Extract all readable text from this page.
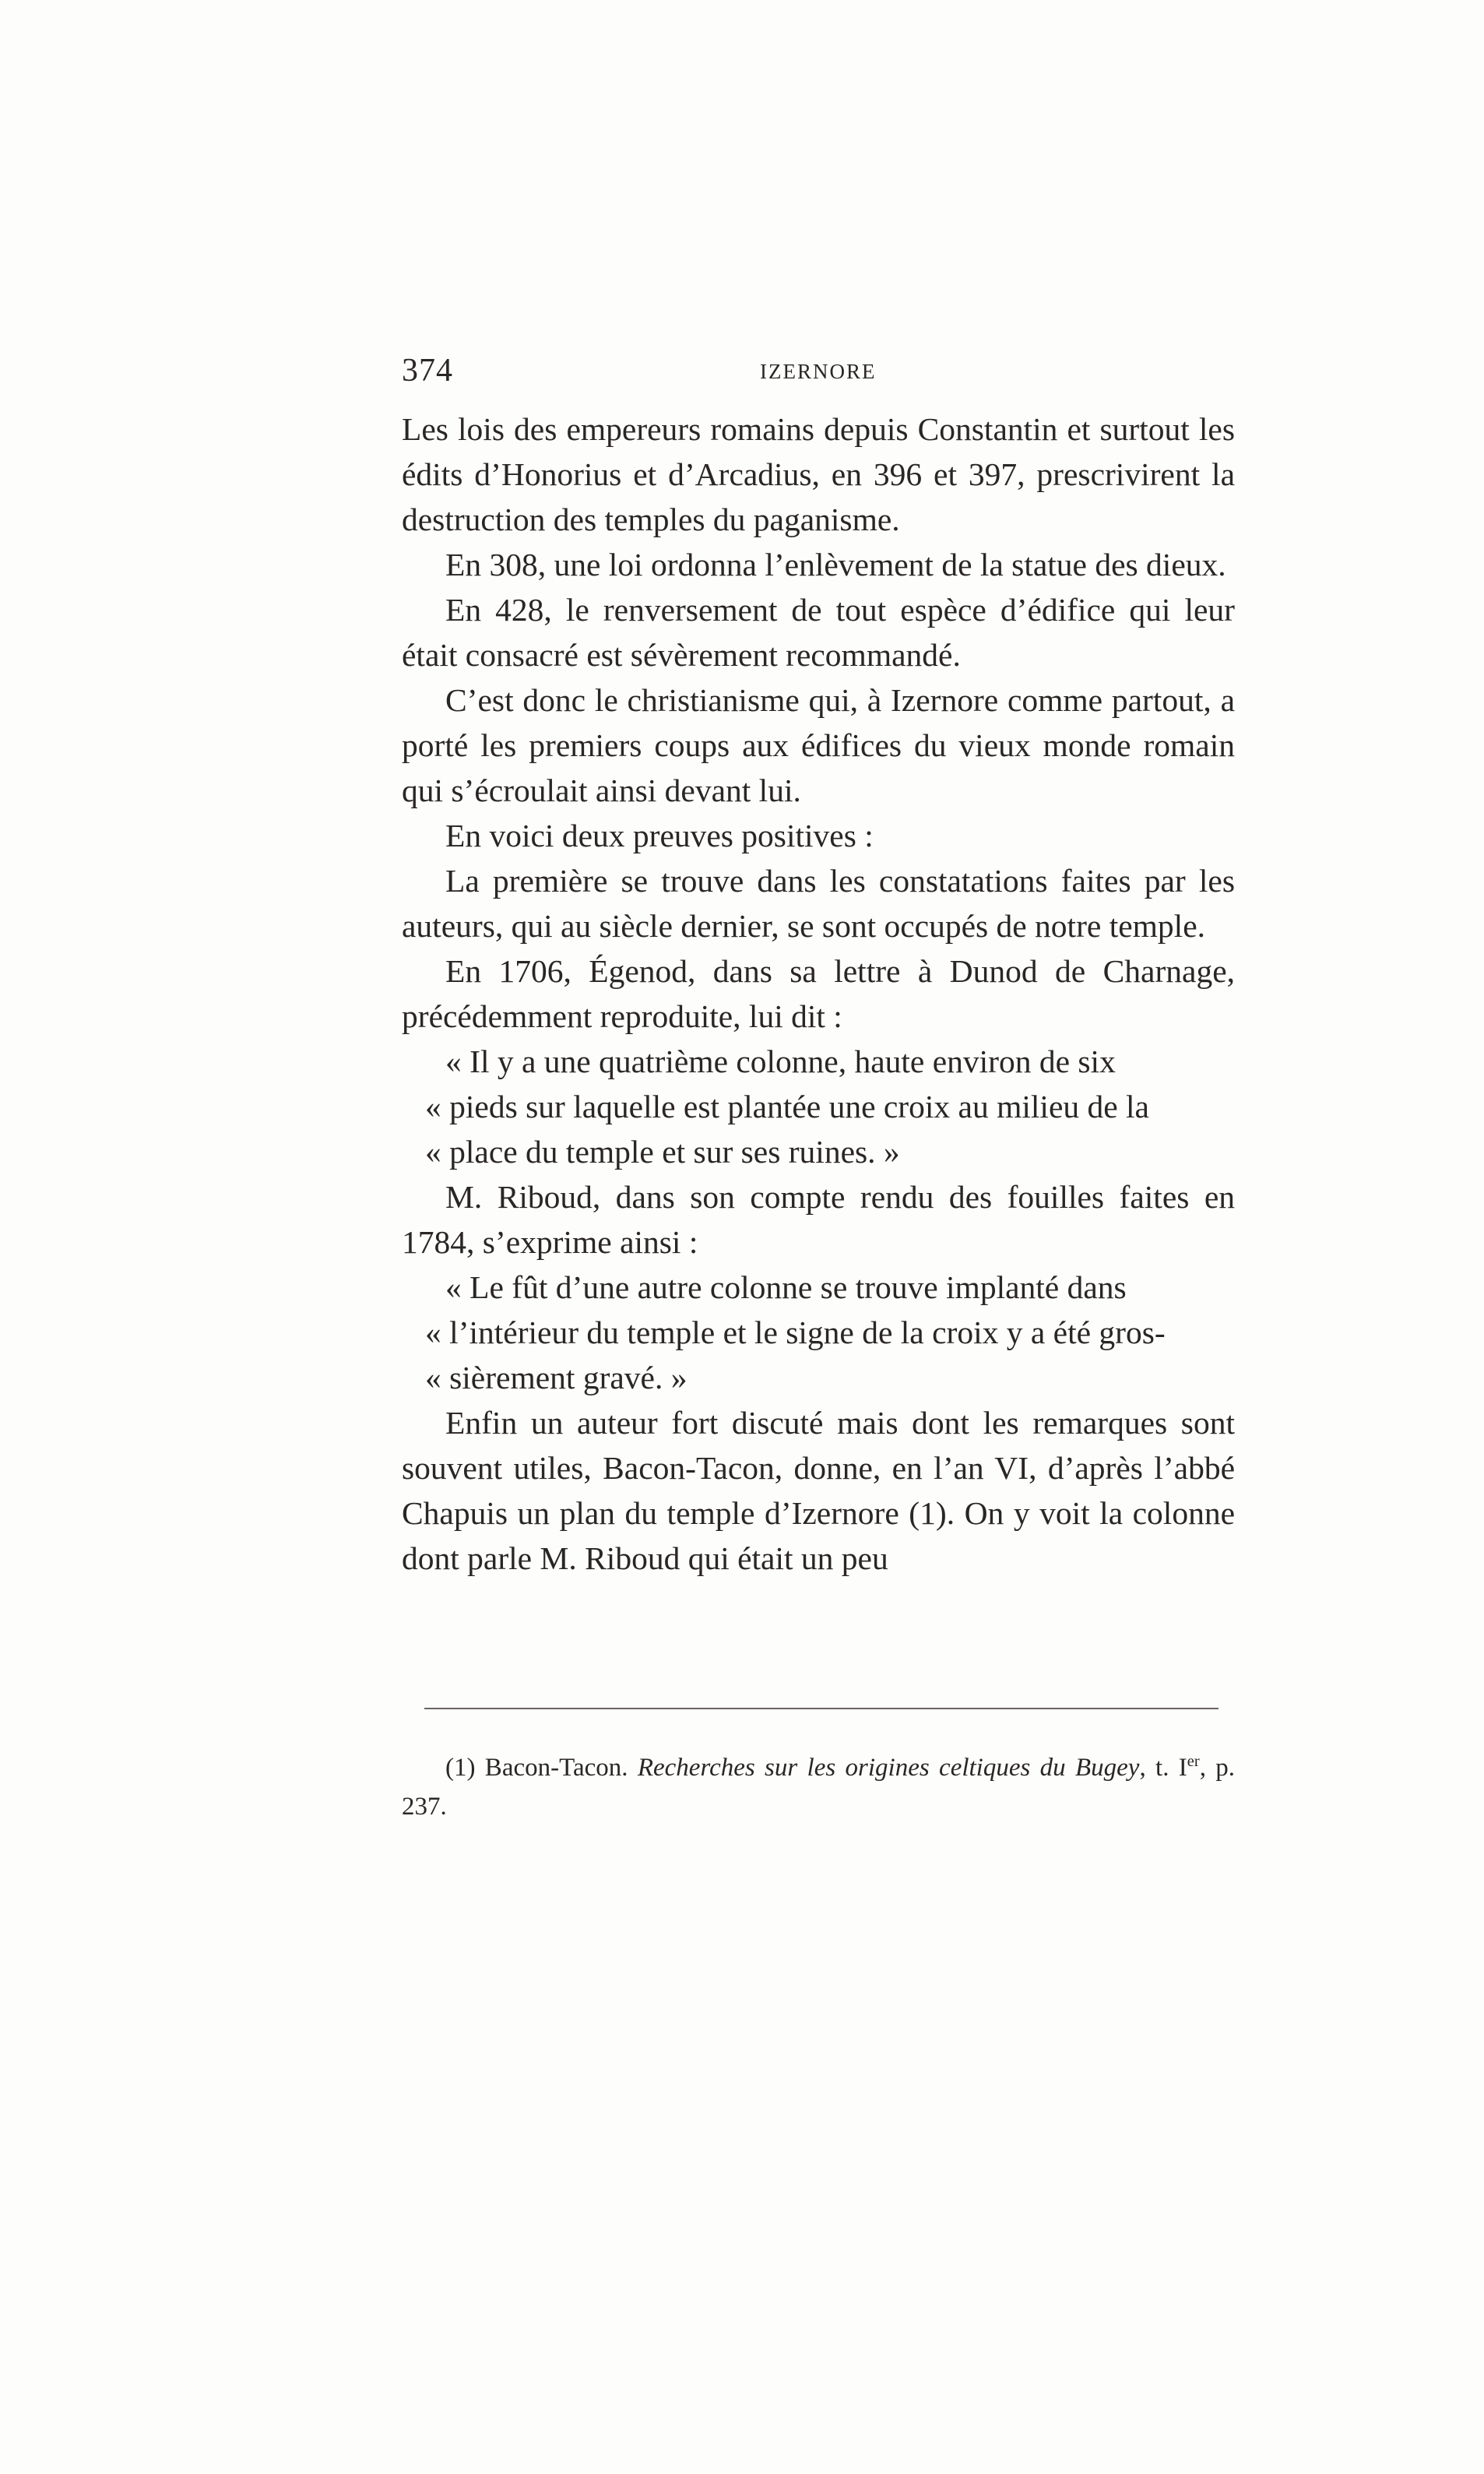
374	IZERNORE

Les lois des empereurs romains depuis Constantin et surtout les édits d’Honorius et d’Arcadius, en 396 et 397, prescrivirent la destruction des temples du paganisme.

En 308, une loi ordonna l’enlèvement de la statue des dieux.

En 428, le renversement de tout espèce d’édifice qui leur était consacré est sévèrement recommandé.

C’est donc le christianisme qui, à Izernore comme partout, a porté les premiers coups aux édifices du vieux monde romain qui s’écroulait ainsi devant lui.

En voici deux preuves positives :

La première se trouve dans les constatations faites par les auteurs, qui au siècle dernier, se sont occupés de notre temple.

En 1706, Égenod, dans sa lettre à Dunod de Charnage, précédemment reproduite, lui dit :

« Il y a une quatrième colonne, haute environ de six

« pieds sur laquelle est plantée une croix au milieu de la

« place du temple et sur ses ruines. »

M. Riboud, dans son compte rendu des fouilles faites en 1784, s’exprime ainsi :

« Le fût d’une autre colonne se trouve implanté dans

« l’intérieur du temple et le signe de la croix y a été gros-

« sièrement gravé. »

Enfin un auteur fort discuté mais dont les remarques sont souvent utiles, Bacon-Tacon, donne, en l’an VI, d’après l’abbé Chapuis un plan du temple d’Izernore (1). On y voit la colonne dont parle M. Riboud qui était un peu

(1) Bacon-Tacon. Recherches sur les origines celtiques du Bugey, t. Ier, p. 237.
